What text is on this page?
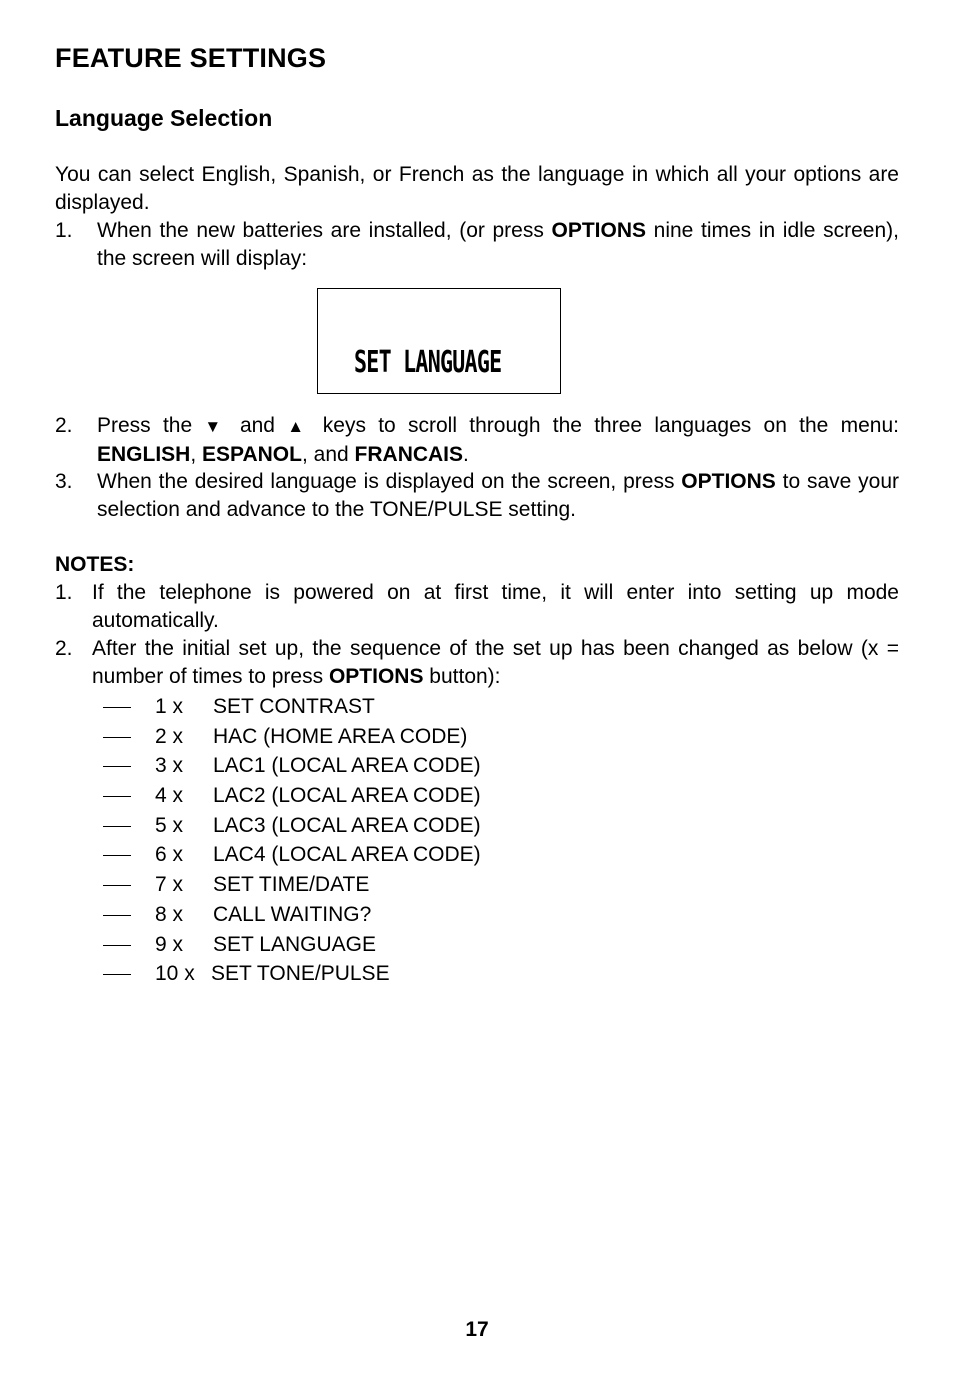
FEATURE SETTINGS
Language Selection

You can select English, Spanish, or French as the language in which all your options are displayed.

1. When the new batteries are installed, (or press OPTIONS nine times in idle screen), the screen will display:
SET LANGUAGE
2. Press the ▼ and ▲ keys to scroll through the three languages on the menu: ENGLISH, ESPANOL, and FRANCAIS.
3. When the desired language is displayed on the screen, press OPTIONS to save your selection and advance to the TONE/PULSE setting.
NOTES:
1. If the telephone is powered on at first time, it will enter into setting up mode automatically.
2. After the initial set up, the sequence of the set up has been changed as below (x = number of times to press OPTIONS button):
1 x SET CONTRAST
2 x HAC (HOME AREA CODE)
3 x LAC1 (LOCAL AREA CODE)
4 x LAC2 (LOCAL AREA CODE)
5 x LAC3 (LOCAL AREA CODE)
6 x LAC4 (LOCAL AREA CODE)
7 x SET TIME/DATE
8 x CALL WAITING?
9 x SET LANGUAGE
10 x SET TONE/PULSE
17
